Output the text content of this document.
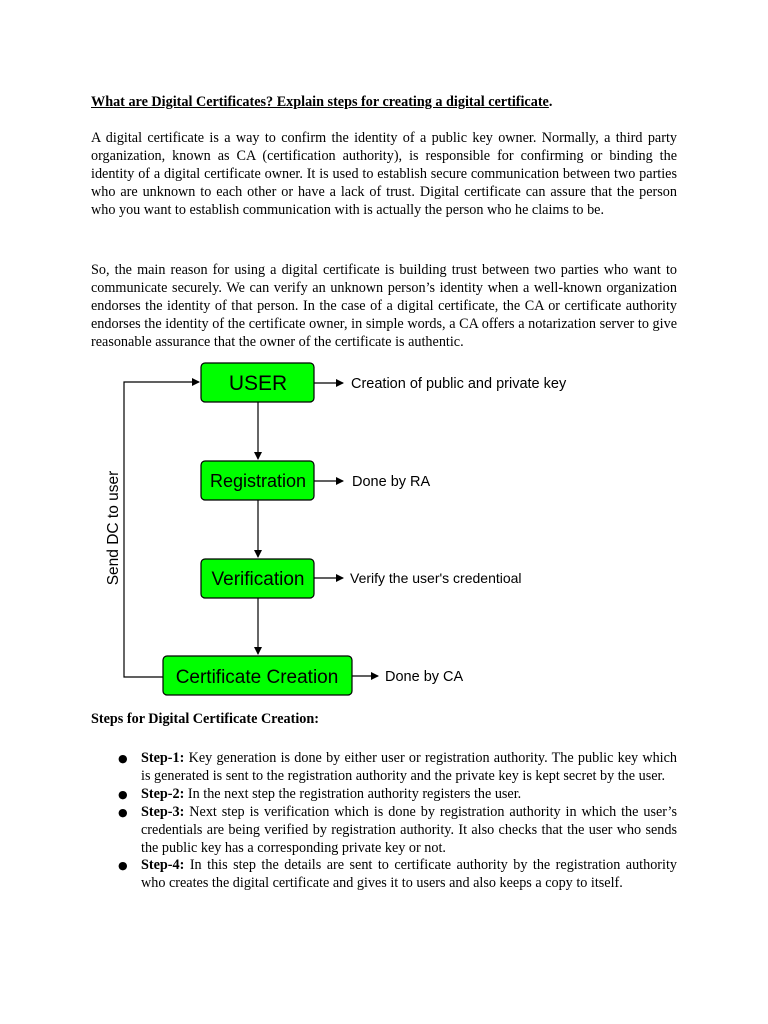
What are Digital Certificates? Explain steps for creating a digital certificate.

A digital certificate is a way to confirm the identity of a public key owner. Normally, a third party organization, known as CA (certification authority), is responsible for confirming or binding the identity of a digital certificate owner. It is used to establish secure communication between two parties who are unknown to each other or have a lack of trust. Digital certificate can assure that the person who you want to establish communication with is actually the person who he claims to be.

So, the main reason for using a digital certificate is building trust between two parties who want to communicate securely. We can verify an unknown person’s identity when a well-known organization endorses the identity of that person. In the case of a digital certificate, the CA or certificate authority endorses the identity of the certificate owner, in simple words, a CA offers a notarization server to give reasonable assurance that the owner of the certificate is authentic.

Send DC to user
USER	Creation of public and private key
Registration	Done by RA
Verification	Verify the user's credentioal
Certificate Creation	Done by CA

Steps for Digital Certificate Creation:

● Step-1: Key generation is done by either user or registration authority. The public key which is generated is sent to the registration authority and the private key is kept secret by the user.
● Step-2: In the next step the registration authority registers the user.
● Step-3: Next step is verification which is done by registration authority in which the user’s credentials are being verified by registration authority. It also checks that the user who sends the public key has a corresponding private key or not.
● Step-4: In this step the details are sent to certificate authority by the registration authority who creates the digital certificate and gives it to users and also keeps a copy to itself.
